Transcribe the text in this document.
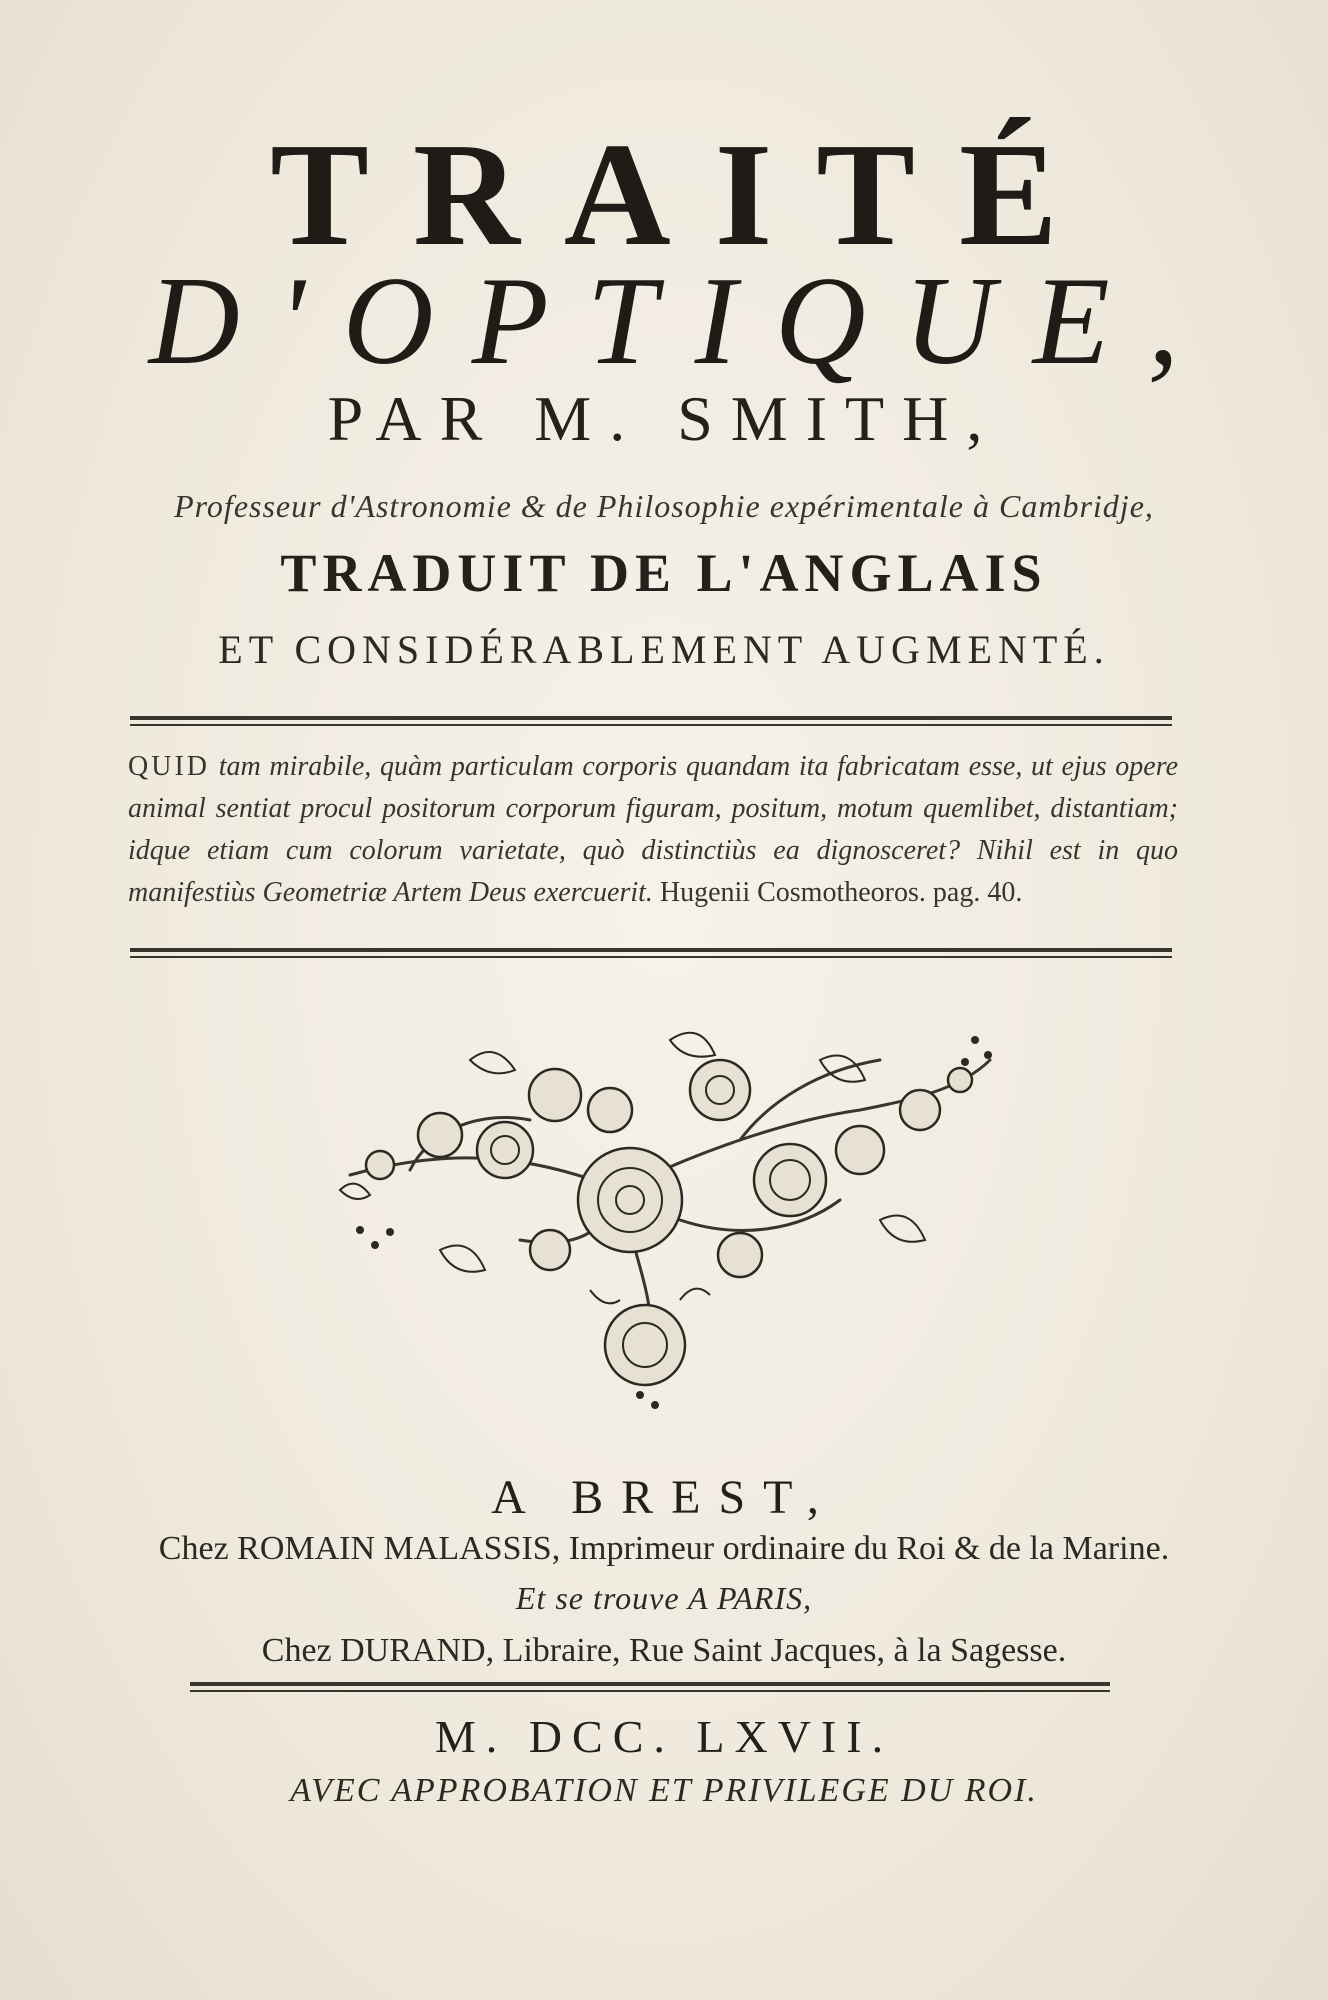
TRAITÉ
D'OPTIQUE,
PAR M. SMITH,
Professeur d'Astronomie & de Philosophie expérimentale à Cambridje,
TRADUIT DE L'ANGLAIS
ET CONSIDÉRABLEMENT AUGMENTÉ.
QUID tam mirabile, quàm particulam corporis quandam ita fabricatam esse, ut ejus opere animal sentiat procul positorum corporum figuram, positum, motum quemlibet, distantiam; idque etiam cum colorum varietate, quò distinctiùs ea dignosceret? Nihil est in quo manifestiùs Geometriæ Artem Deus exercuerit. Hugenii Cosmotheoros. pag. 40.
A BREST,
Chez ROMAIN MALASSIS, Imprimeur ordinaire du Roi & de la Marine.
Et se trouve A PARIS,
Chez DURAND, Libraire, Rue Saint Jacques, à la Sagesse.
M. DCC. LXVII.
AVEC APPROBATION ET PRIVILEGE DU ROI.
